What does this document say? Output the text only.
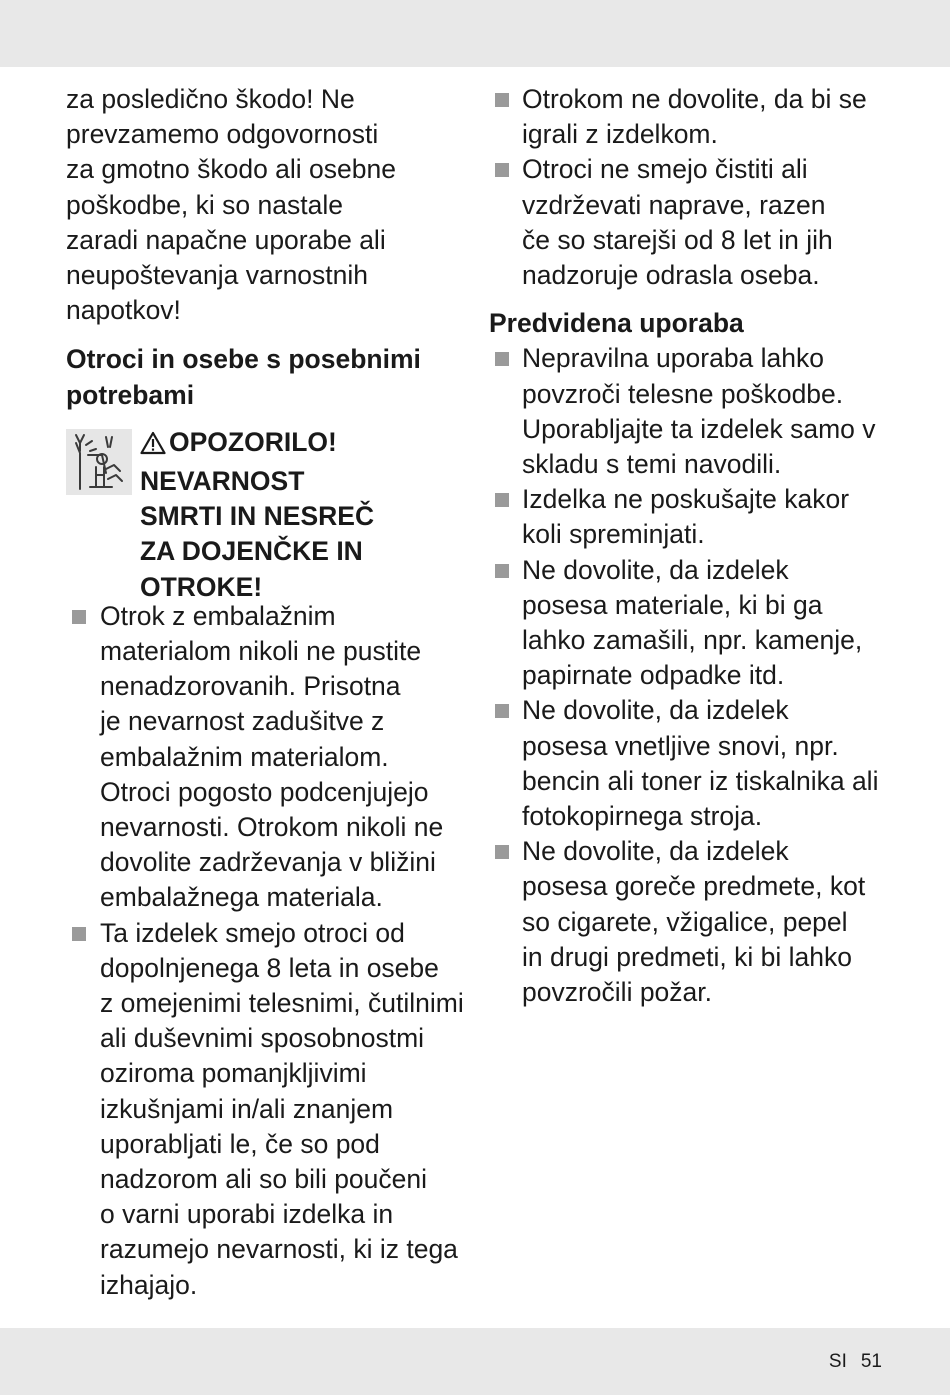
za posledično škodo! Ne
prevzamemo odgovornosti
za gmotno škodo ali osebne
poškodbe, ki so nastale
zaradi napačne uporabe ali
neupoštevanja varnostnih
napotkov!

Otroci in osebe s posebnimi
potrebami
OPOZORILO!
NEVARNOST
SMRTI IN NESREČ
ZA DOJENČKE IN
OTROKE!
Otrok z embalažnim
materialom nikoli ne pustite
nenadzorovanih. Prisotna
je nevarnost zadušitve z
embalažnim materialom.
Otroci pogosto podcenjujejo
nevarnosti. Otrokom nikoli ne
dovolite zadrževanja v bližini
embalažnega materiala.
Ta izdelek smejo otroci od
dopolnjenega 8 leta in osebe
z omejenimi telesnimi, čutilnimi
ali duševnimi sposobnostmi
oziroma pomanjkljivimi
izkušnjami in/ali znanjem
uporabljati le, če so pod
nadzorom ali so bili poučeni
o varni uporabi izdelka in
razumejo nevarnosti, ki iz tega
izhajajo.
Otrokom ne dovolite, da bi se
igrali z izdelkom.
Otroci ne smejo čistiti ali
vzdrževati naprave, razen
če so starejši od 8 let in jih
nadzoruje odrasla oseba.
Predvidena uporaba
Nepravilna uporaba lahko
povzroči telesne poškodbe.
Uporabljajte ta izdelek samo v
skladu s temi navodili.
Izdelka ne poskušajte kakor
koli spreminjati.
Ne dovolite, da izdelek
posesa materiale, ki bi ga
lahko zamašili, npr. kamenje,
papirnate odpadke itd.
Ne dovolite, da izdelek
posesa vnetljive snovi, npr.
bencin ali toner iz tiskalnika ali
fotokopirnega stroja.
Ne dovolite, da izdelek
posesa goreče predmete, kot
so cigarete, vžigalice, pepel
in drugi predmeti, ki bi lahko
povzročili požar.
SI 51
